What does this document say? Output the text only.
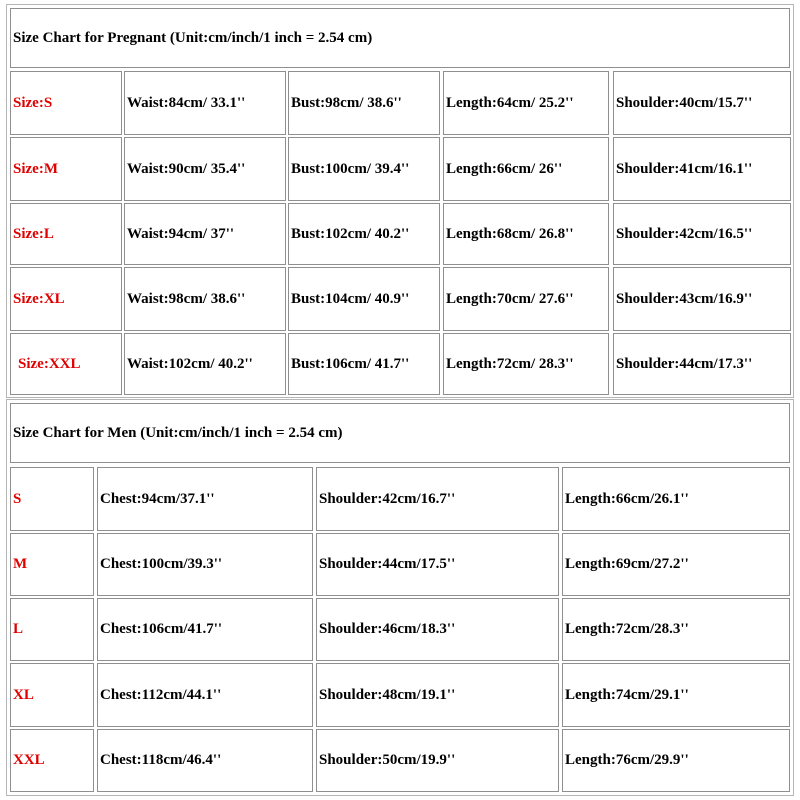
Size Chart for Pregnant (Unit:cm/inch/1 inch = 2.54 cm)
Size:S	Waist:84cm/ 33.1''	Bust:98cm/ 38.6''	Length:64cm/ 25.2''	Shoulder:40cm/15.7''
Size:M	Waist:90cm/ 35.4''	Bust:100cm/ 39.4''	Length:66cm/ 26''	Shoulder:41cm/16.1''
Size:L	Waist:94cm/ 37''	Bust:102cm/ 40.2''	Length:68cm/ 26.8''	Shoulder:42cm/16.5''
Size:XL	Waist:98cm/ 38.6''	Bust:104cm/ 40.9''	Length:70cm/ 27.6''	Shoulder:43cm/16.9''
Size:XXL	Waist:102cm/ 40.2''	Bust:106cm/ 41.7''	Length:72cm/ 28.3''	Shoulder:44cm/17.3''
Size Chart for Men (Unit:cm/inch/1 inch = 2.54 cm)
S	Chest:94cm/37.1''	Shoulder:42cm/16.7''	Length:66cm/26.1''
M	Chest:100cm/39.3''	Shoulder:44cm/17.5''	Length:69cm/27.2''
L	Chest:106cm/41.7''	Shoulder:46cm/18.3''	Length:72cm/28.3''
XL	Chest:112cm/44.1''	Shoulder:48cm/19.1''	Length:74cm/29.1''
XXL	Chest:118cm/46.4''	Shoulder:50cm/19.9''	Length:76cm/29.9''
